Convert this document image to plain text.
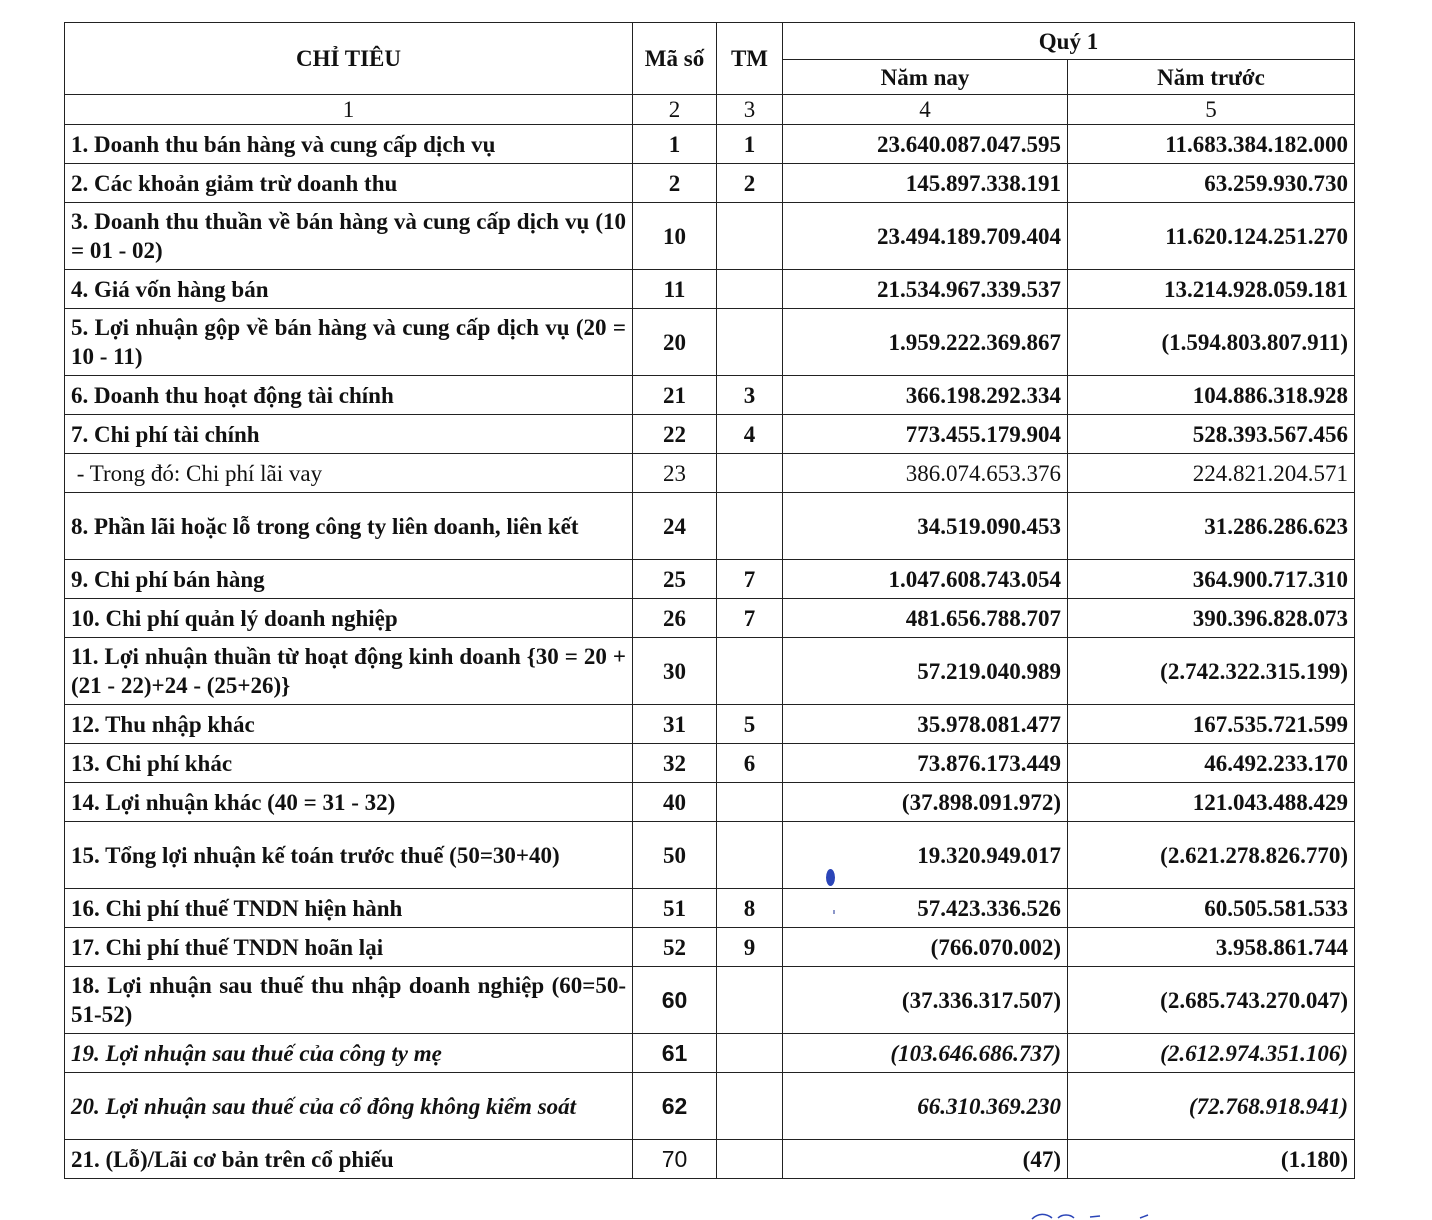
CHỈ TIÊU	Mã số	TM	Quý 1	
			Năm nay	Năm trước
1	2	3	4	5
1. Doanh thu bán hàng và cung cấp dịch vụ	1	1	23.640.087.047.595	11.683.384.182.000
2. Các khoản giảm trừ doanh thu	2	2	145.897.338.191	63.259.930.730
3. Doanh thu thuần về bán hàng và cung cấp dịch vụ (10 = 01 - 02)	10		23.494.189.709.404	11.620.124.251.270
4. Giá vốn hàng bán	11		21.534.967.339.537	13.214.928.059.181
5. Lợi nhuận gộp về bán hàng và cung cấp dịch vụ (20 = 10 - 11)	20		1.959.222.369.867	(1.594.803.807.911)
6. Doanh thu hoạt động tài chính	21	3	366.198.292.334	104.886.318.928
7. Chi phí tài chính	22	4	773.455.179.904	528.393.567.456
- Trong đó: Chi phí lãi vay	23		386.074.653.376	224.821.204.571
8. Phần lãi hoặc lỗ trong công ty liên doanh, liên kết	24		34.519.090.453	31.286.286.623
9. Chi phí bán hàng	25	7	1.047.608.743.054	364.900.717.310
10. Chi phí quản lý doanh nghiệp	26	7	481.656.788.707	390.396.828.073
11. Lợi nhuận thuần từ hoạt động kinh doanh {30 = 20 + (21 - 22)+24 - (25+26)}	30		57.219.040.989	(2.742.322.315.199)
12. Thu nhập khác	31	5	35.978.081.477	167.535.721.599
13. Chi phí khác	32	6	73.876.173.449	46.492.233.170
14. Lợi nhuận khác (40 = 31 - 32)	40		(37.898.091.972)	121.043.488.429
15. Tổng lợi nhuận kế toán trước thuế (50=30+40)	50		19.320.949.017	(2.621.278.826.770)
16. Chi phí thuế TNDN hiện hành	51	8	57.423.336.526	60.505.581.533
17. Chi phí thuế TNDN hoãn lại	52	9	(766.070.002)	3.958.861.744
18. Lợi nhuận sau thuế thu nhập doanh nghiệp (60=50-51-52)	60		(37.336.317.507)	(2.685.743.270.047)
19. Lợi nhuận sau thuế của công ty mẹ	61		(103.646.686.737)	(2.612.974.351.106)
20. Lợi nhuận sau thuế của cổ đông không kiểm soát	62		66.310.369.230	(72.768.918.941)
21. (Lỗ)/Lãi cơ bản trên cổ phiếu	70		(47)	(1.180)
